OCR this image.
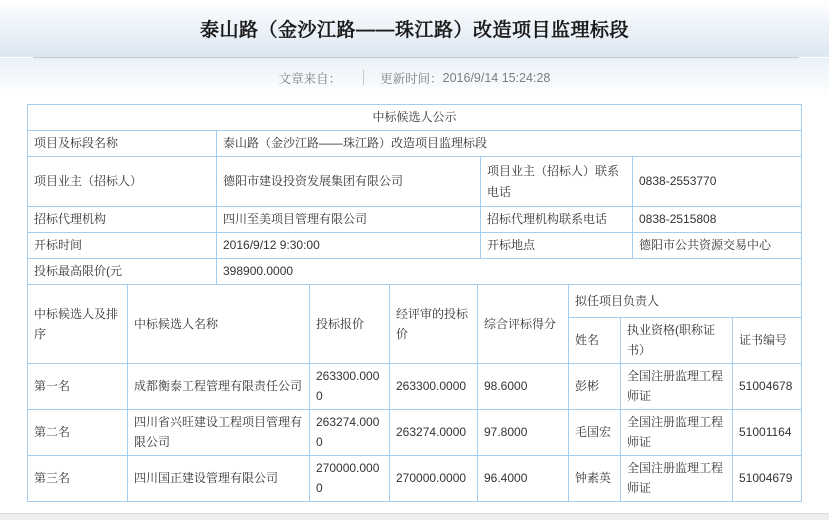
泰山路（金沙江路——珠江路）改造项目监理标段
文章来自：	更新时间： 2016/9/14 15:24:28
中标候选人公示			
项目及标段名称	泰山路（金沙江路——珠江路）改造项目监理标段		
项目业主（招标人）	德阳市建设投资发展集团有限公司	项目业主（招标人）联系电话	0838-2553770
招标代理机构	四川至美项目管理有限公司	招标代理机构联系电话	0838-2515808
开标时间	2016/9/12 9:30:00	开标地点	德阳市公共资源交易中心
投标最高限价(元	398900.0000		
中标候选人及排序	中标候选人名称	投标报价	经评审的投标价	综合评标得分	拟任项目负责人		
					姓名	执业资格(职称证书）	证书编号
第一名	成都衡泰工程管理有限责任公司	263300.0000	263300.0000	98.6000	彭彬	全国注册监理工程师证	51004678
第二名	四川省兴旺建设工程项目管理有限公司	263274.0000	263274.0000	97.8000	毛国宏	全国注册监理工程师证	51001164
第三名	四川国正建设管理有限公司	270000.0000	270000.0000	96.4000	钟素英	全国注册监理工程师证	51004679
